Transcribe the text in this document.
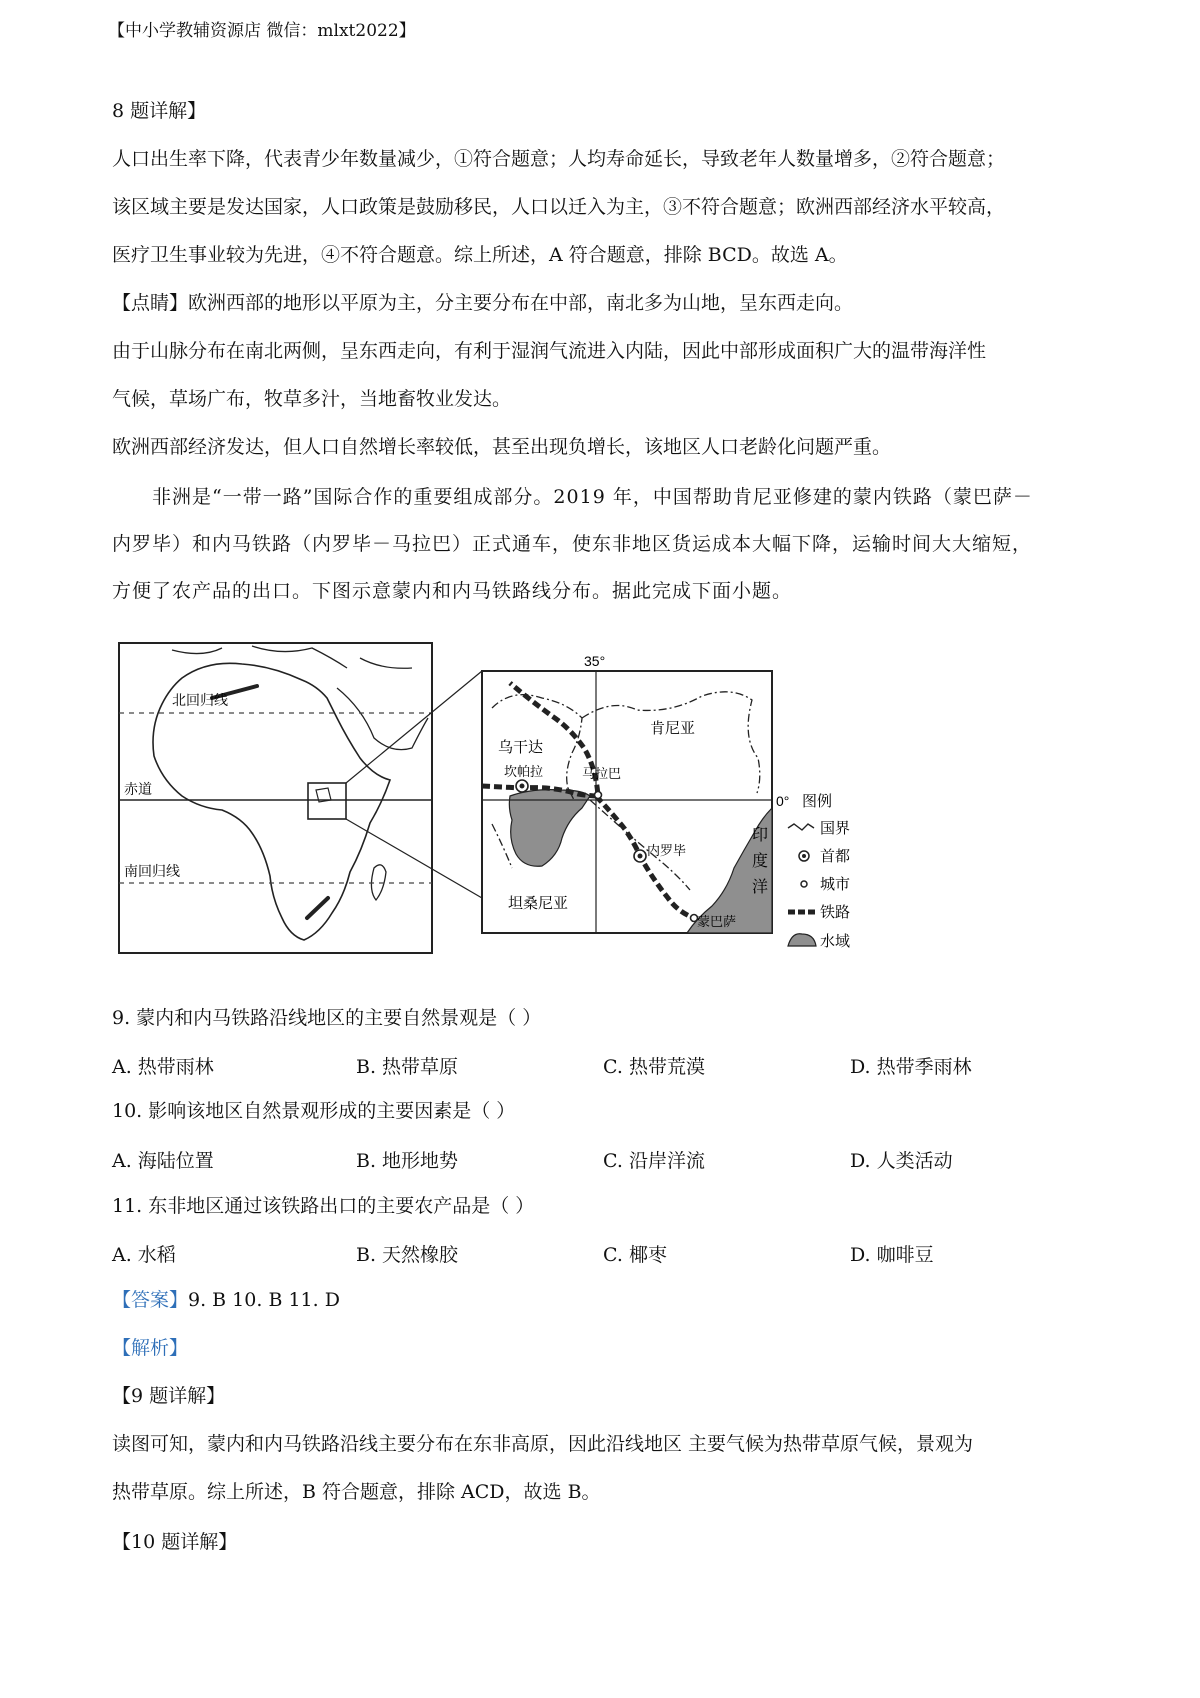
【中小学教辅资源店 微信：mlxt2022】
8 题详解】
人口出生率下降，代表青少年数量减少，①符合题意；人均寿命延长，导致老年人数量增多，②符合题意；
该区域主要是发达国家，人口政策是鼓励移民，人口以迁入为主，③不符合题意；欧洲西部经济水平较高，
医疗卫生事业较为先进，④不符合题意。综上所述，A 符合题意，排除 BCD。故选 A。
【点睛】欧洲西部的地形以平原为主，分主要分布在中部，南北多为山地，呈东西走向。
由于山脉分布在南北两侧，呈东西走向，有利于湿润气流进入内陆，因此中部形成面积广大的温带海洋性
气候，草场广布，牧草多汁，当地畜牧业发达。
欧洲西部经济发达，但人口自然增长率较低，甚至出现负增长，该地区人口老龄化问题严重。
非洲是“一带一路”国际合作的重要组成部分。2019 年，中国帮助肯尼亚修建的蒙内铁路（蒙巴萨－
内罗毕）和内马铁路（内罗毕－马拉巴）正式通车，使东非地区货运成本大幅下降，运输时间大大缩短，
方便了农产品的出口。下图示意蒙内和内马铁路线分布。据此完成下面小题。
北回归线
赤道
南回归线
35°
0°
乌干达
肯尼亚
坦桑尼亚
坎帕拉	马拉巴
内罗毕
蒙巴萨
印
度
洋
图例
国界
首都
城市
铁路
水域
9. 蒙内和内马铁路沿线地区的主要自然景观是（ ）
A. 热带雨林	B. 热带草原	C. 热带荒漠	D. 热带季雨林
10. 影响该地区自然景观形成的主要因素是（ ）
A. 海陆位置	B. 地形地势	C. 沿岸洋流	D. 人类活动
11. 东非地区通过该铁路出口的主要农产品是（ ）
A. 水稻	B. 天然橡胶	C. 椰枣	D. 咖啡豆
【答案】9. B 10. B 11. D
【解析】
【9 题详解】
读图可知，蒙内和内马铁路沿线主要分布在东非高原，因此沿线地区 主要气候为热带草原气候，景观为
热带草原。综上所述，B 符合题意，排除 ACD，故选 B。
【10 题详解】
